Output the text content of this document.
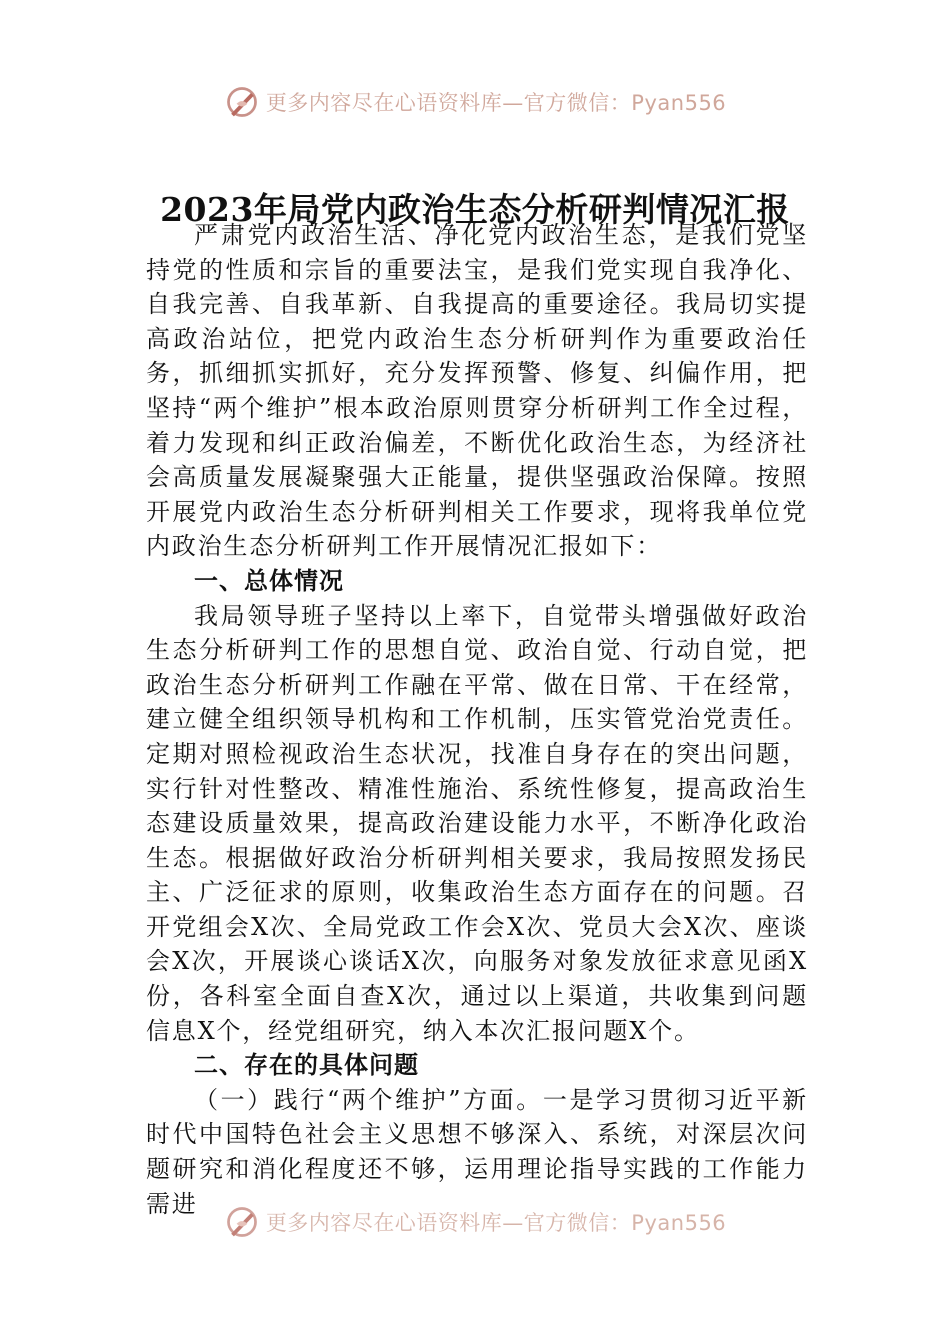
更多内容尽在心语资料库—官方微信：Pyan556
2023年局党内政治生态分析研判情况汇报

严肃党内政治生活、净化党内政治生态，是我们党坚持党的性质和宗旨的重要法宝，是我们党实现自我净化、自我完善、自我革新、自我提高的重要途径。我局切实提高政治站位，把党内政治生态分析研判作为重要政治任务，抓细抓实抓好，充分发挥预警、修复、纠偏作用，把坚持“两个维护”根本政治原则贯穿分析研判工作全过程，着力发现和纠正政治偏差，不断优化政治生态，为经济社会高质量发展凝聚强大正能量，提供坚强政治保障。按照开展党内政治生态分析研判相关工作要求，现将我单位党内政治生态分析研判工作开展情况汇报如下：

一、总体情况

我局领导班子坚持以上率下，自觉带头增强做好政治生态分析研判工作的思想自觉、政治自觉、行动自觉，把政治生态分析研判工作融在平常、做在日常、干在经常，建立健全组织领导机构和工作机制，压实管党治党责任。定期对照检视政治生态状况，找准自身存在的突出问题，实行针对性整改、精准性施治、系统性修复，提高政治生态建设质量效果，提高政治建设能力水平，不断净化政治生态。根据做好政治分析研判相关要求，我局按照发扬民主、广泛征求的原则，收集政治生态方面存在的问题。召开党组会X次、全局党政工作会X次、党员大会X次、座谈会X次，开展谈心谈话X次，向服务对象发放征求意见函X份，各科室全面自查X次，通过以上渠道，共收集到问题信息X个，经党组研究，纳入本次汇报问题X个。

二、存在的具体问题

（一）践行“两个维护”方面。一是学习贯彻习近平新时代中国特色社会主义思想不够深入、系统，对深层次问题研究和消化程度还不够，运用理论指导实践的工作能力需进

更多内容尽在心语资料库—官方微信：Pyan556
